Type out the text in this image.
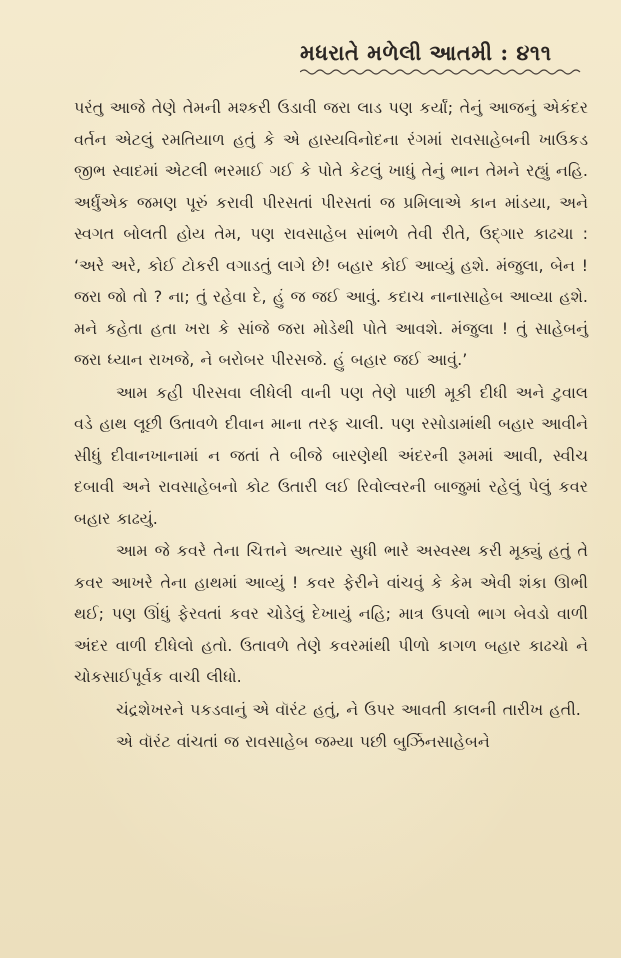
મધરાતે મળેલી આતમી : ૪૧૧

પરંતુ આજે તેણે તેમની મશ્કરી ઉડાવી જરા લાડ પણ કર્યાં; તેનું આજનું એકંદર વર્તન એટલું રમતિયાળ હતું કે એ હાસ્યવિનોદના રંગમાં રાવસાહેબની ખાઉકડ જીભ સ્વાદમાં એટલી ભરમાઈ ગઈ કે પોતે કેટલું ખાધું તેનું ભાન તેમને રહ્યું નહિ. અર્ધુંએક જમણ પૂરું કરાવી પીરસતાં પીરસતાં જ પ્રમિલાએ કાન માંડયા, અને સ્વગત બોલતી હોય તેમ, પણ રાવસાહેબ સાંભળે તેવી રીતે, ઉદ્‌ગાર કાઢચા : ‘અરે અરે, કોઈ ટોકરી વગાડતું લાગે છે! બહાર કોઈ આવ્યું હશે. મંજુલા, બેન ! જરા જો તો ? ના; તું રહેવા દે, હું જ જઈ આવું. કદાચ નાનાસાહેબ આવ્યા હશે. મને કહેતા હતા ખરા કે સાંજે જરા મોડેથી પોતે આવશે. મંજુલા ! તું સાહેબનું જરા ધ્યાન રાખજે, ને બરોબર પીરસજે. હું બહાર જઈ આવું.’

આમ કહી પીરસવા લીધેલી વાની પણ તેણે પાછી મૂકી દીધી અને ટુવાલ વડે હાથ લૂછી ઉતાવળે દીવાન માના તરફ ચાલી. પણ રસોડામાંથી બહાર આવીને સીધું દીવાનખાનામાં ન જતાં તે બીજે બારણેથી અંદરની રૂમમાં આવી, સ્વીચ દબાવી અને રાવસાહેબનો કોટ ઉતારી લઈ રિવોલ્વરની બાજુમાં રહેલું પેલું કવર બહાર કાઢયું.

આમ જે કવરે તેના ચિત્તને અત્યાર સુધી ભારે અસ્વસ્થ કરી મૂક્યું હતું તે કવર આખરે તેના હાથમાં આવ્યું ! કવર ફેરીને વાંચવું કે કેમ એવી શંકા ઊભી થઈ; પણ ઊંધું ફેરવતાં કવર ચોડેલું દેખાયું નહિ; માત્ર ઉપલો ભાગ બેવડો વાળી અંદર વાળી દીધેલો હતો. ઉતાવળે તેણે કવરમાંથી પીળો કાગળ બહાર કાઢચો ને ચોકસાઈપૂર્વક વાચી લીધો.

ચંદ્રશેખરને પકડવાનું એ વૉરંટ હતું, ને ઉપર આવતી કાલની તારીખ હતી.

એ વૉરંટ વાંચતાં જ રાવસાહેબ જમ્યા પછી બુર્ઝિનસાહેબને
